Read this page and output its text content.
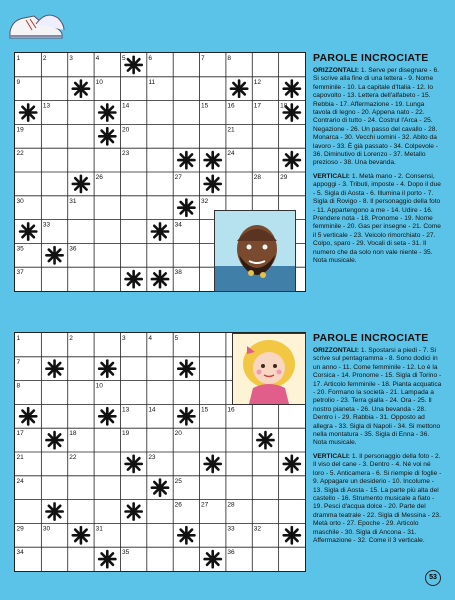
1	2	3	4	5	6	7	8
9	10	11	12
13	14	15	16	17	18
19	20	21
22	23	24
26	27	28	29
30	31	32
33	34
35	36
37	38
PAROLE INCROCIATE
ORIZZONTALI: 1. Serve per disegnare - 6. Si scrive alla fine di una lettera - 9. Nome femminile - 10. La capitale d'Italia - 12. Io capovolto - 13. Lettera dell'alfabeto - 15. Rebbia - 17. Affermazione - 19. Lunga tavola di legno - 20. Appena nato - 22. Contrario di tutto - 24. Costrul l'Arca - 25. Negazione - 26. Un passo del cavallo - 28. Monarca - 30. Vecchi uomini - 32. Abito da lavoro - 33. È già passato - 34. Colpevole - 36. Diminutivo di Lorenzo - 37. Metallo prezioso - 38. Una bevanda.
VERTICALI: 1. Metà mano - 2. Consensi, appoggi - 3. Tributi, imposte - 4. Dopo il due - 5. Sigla di Aosta - 6. Illumina il porto - 7. Sigla di Rovigo - 8. Il personaggio della foto - 11. Appartengono a me - 14. Udire - 16. Prendere nota - 18. Pronome - 19. Nome femminile - 20. Gas per insegne - 21. Come il 5 verticale - 23. Veicolo rimorchiato - 27. Colpo, sparo - 29. Vocali di seta - 31. Il numero che da solo non vale niente - 35. Nota musicale.
1	2	3	4	5
7
8	10
13	14	15	16
17	18	19	20
21	22	23
24	25
26	27	28
29	30	31	32
33
34	35	36
PAROLE INCROCIATE
ORIZZONTALI: 1. Spostarsi a piedi - 7. Si scrive sul pentagramma - 8. Sono dodici in un anno - 11. Come femminile - 12. Lo è la Corsica - 14. Pronome - 15. Sigla di Torino - 17. Articolo femminile - 18. Pianta acquatica - 20. Formano la società - 21. Lampada a petrolio - 23. Terra gialla - 24. Ora - 25. Il nostro pianeta - 26. Una bevanda - 28. Dentro i - 29. Rabbia - 31. Opposto ad allegra - 33. Sigla di Napoli - 34. Si mettono nella montatura - 35. Sigla di Enna - 36. Nota musicale.
VERTICALI: 1. Il personaggio della foto - 2. Il viso del cane - 3. Dentro - 4. Né voi né loro - 5. Anticamera - 6. Si riempie di foglie - 9. Appagare un desiderio - 10. Incolume - 13. Sigla di Aosta - 15. La parte più alta del castello - 16. Strumento musicale a fiato - 19. Pesci d'acqua dolce - 20. Parte del dramma teatrale - 22. Sigla di Messina - 23. Metà orto - 27. Epoche - 29. Articolo maschile - 30. Sigla di Ancona - 31. Affermazione - 32. Come il 3 verticale.
53
